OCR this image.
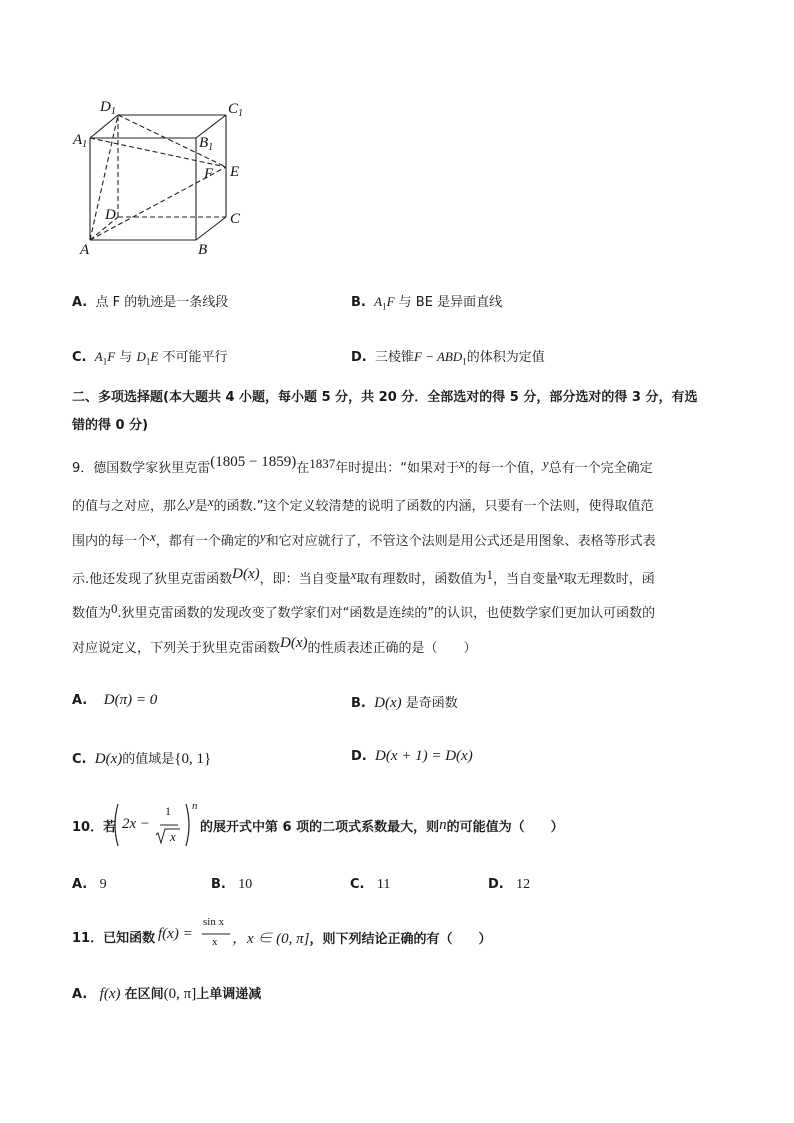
$D_1$	$C_1$
$A_1$	$B_1$
F E
D	C
A	B
A. 点 F 的轨迹是一条线段	B. $A_1F$ 与 BE 是异面直线
C. $A_1F$ 与 $D_1E$ 不可能平行	D. 三棱锥$F - ABD_1$的体积为定值
二、多项选择题(本大题共 4 小题，每小题 5 分，共 20 分．全部选对的得 5 分，部分选对的得 3 分，有选
错的得 0 分)
9．德国数学家狄里克雷(1805 − 1859)在1837年时提出：“如果对于x的每一个值，y总有一个完全确定
的值与之对应，那么y是x的函数.”这个定义较清楚的说明了函数的内涵，只要有一个法则，使得取值范
围内的每一个x，都有一个确定的y和它对应就行了，不管这个法则是用公式还是用图象、表格等形式表
示.他还发现了狄里克雷函数D(x)，即：当自变量x取有理数时，函数值为1，当自变量x取无理数时，函
数值为0.狄里克雷函数的发现改变了数学家们对“函数是连续的”的认识，也使数学家们更加认可函数的
对应说定义，下列关于狄里克雷函数D(x)的性质表述正确的是（　　）
A. D(π) = 0	B. D(x) 是奇函数
C. D(x)的值域是{0, 1}	D. D(x + 1) = D(x)
10．若 2x −
1
x
n
的展开式中第 6 项的二项式系数最大，则n的可能值为（　　）
A. 9	B. 10	C. 11	D. 12
11．已知函数 f(x) =
sin x
x ，x ∈ (0, π]，则下列结论正确的有（　　）
A. f(x) 在区间(0, π]上单调递减
